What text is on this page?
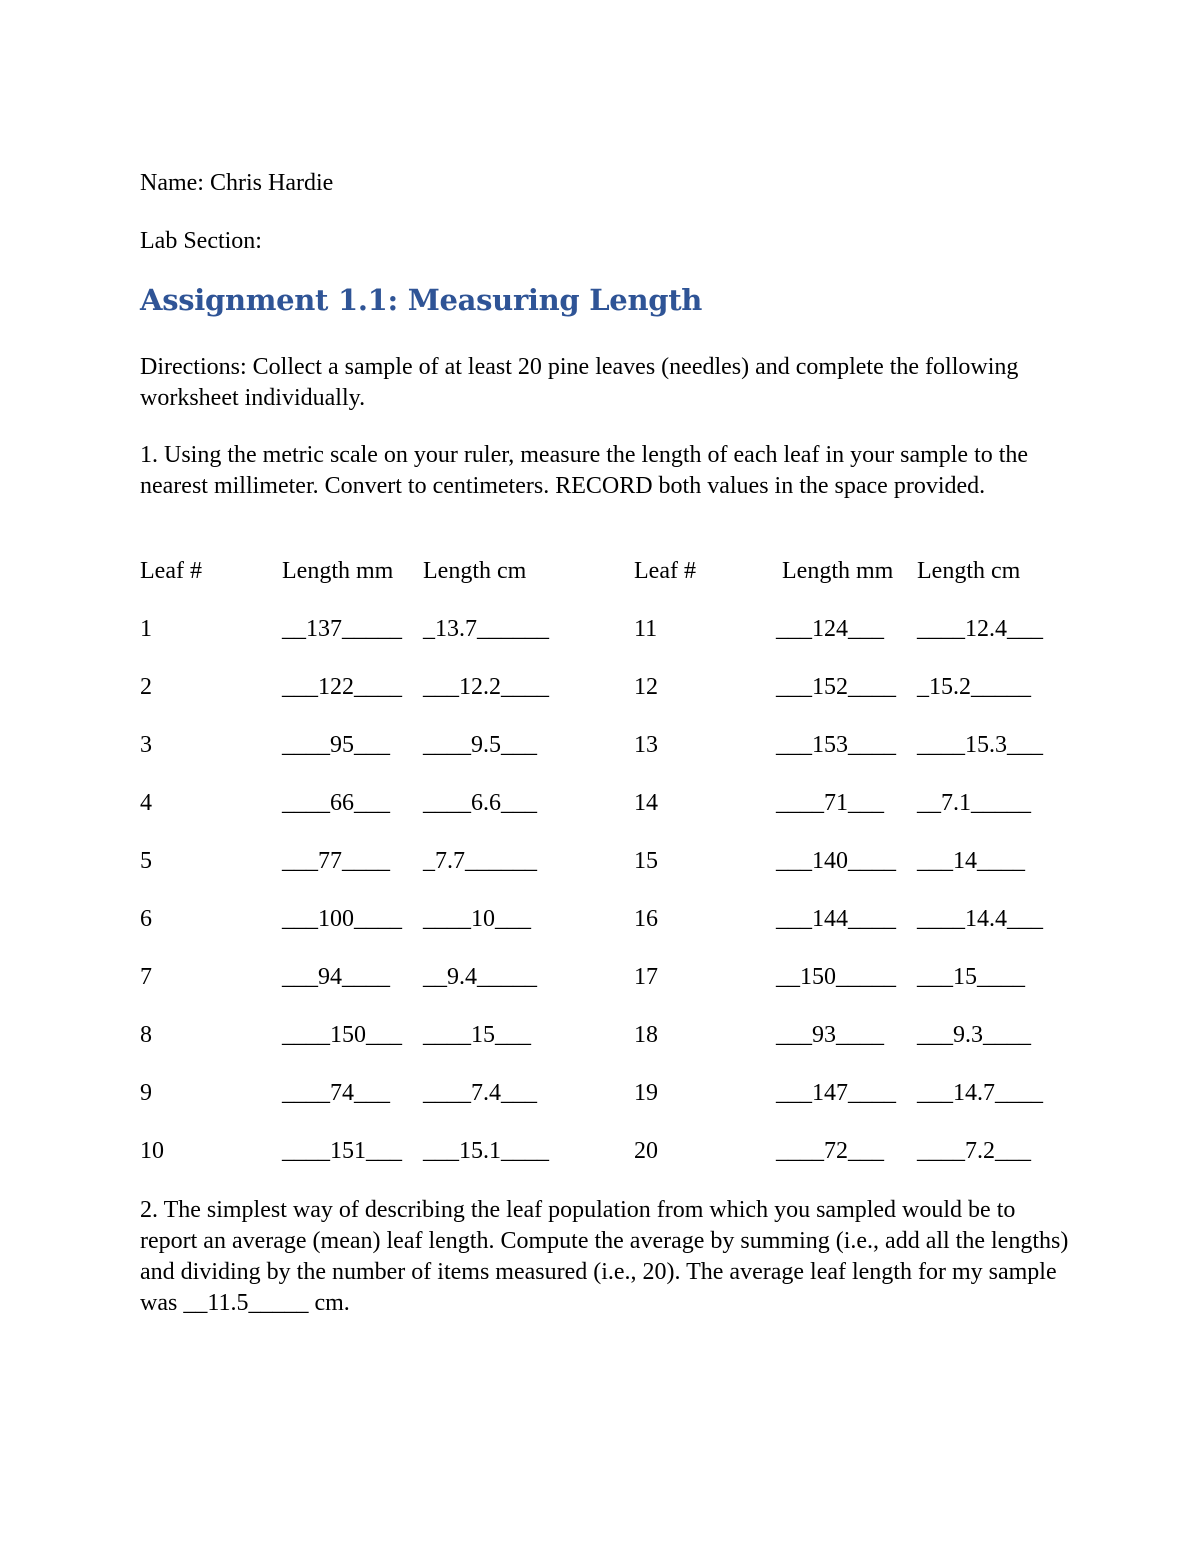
Name: Chris Hardie
Lab Section:
Assignment 1.1: Measuring Length
Directions: Collect a sample of at least 20 pine leaves (needles) and complete the following worksheet individually.
1. Using the metric scale on your ruler, measure the length of each leaf in your sample to the nearest millimeter. Convert to centimeters. RECORD both values in the space provided.
Leaf #	Length mm Length cm	Leaf #	Length mm Length cm
1	__137_____ _13.7______
2	___122____ ___12.2____
3	____95___ ____9.5___
4	____66___ ____6.6___
5	___77____ _7.7______
6	___100____ ____10___
7	___94____ __9.4_____
8	____150___ ____15___
9	____74___ ____7.4___
10	____151___ ___15.1____
11	___124___ ____12.4___
12	___152____ _15.2_____
13	___153____ ____15.3___
14	____71___ __7.1_____
15	___140____ ___14____
16	___144____ ____14.4___
17	__150_____ ___15____
18	___93____ ___9.3____
19	___147____ ___14.7____
20	____72___ ____7.2___
2. The simplest way of describing the leaf population from which you sampled would be to report an average (mean) leaf length. Compute the average by summing (i.e., add all the lengths) and dividing by the number of items measured (i.e., 20). The average leaf length for my sample was __11.5_____ cm.
